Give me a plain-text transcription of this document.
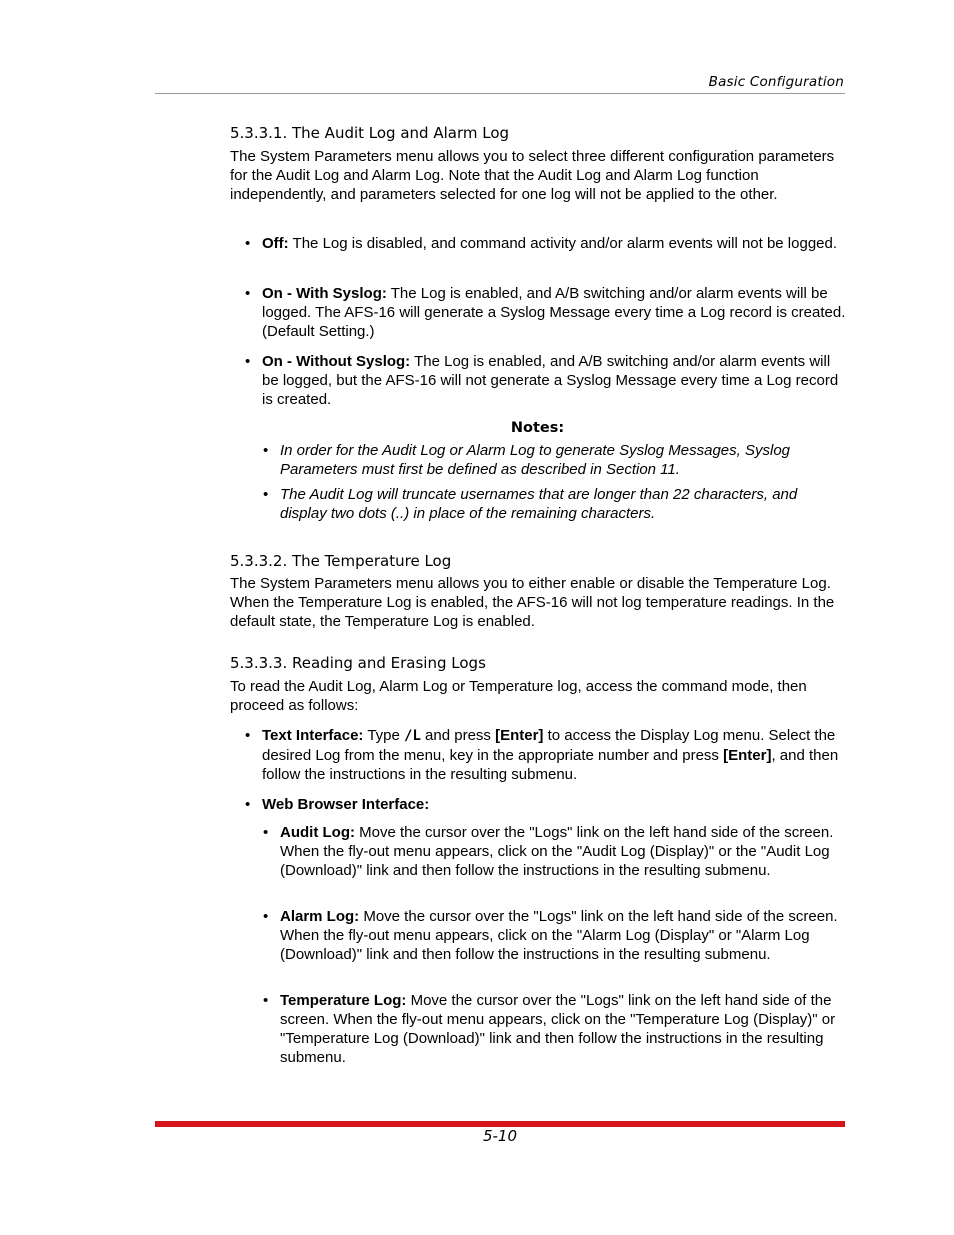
Basic Configuration
5.3.3.1. The Audit Log and Alarm Log
The System Parameters menu allows you to select three different configuration parameters for the Audit Log and Alarm Log. Note that the Audit Log and Alarm Log function independently, and parameters selected for one log will not be applied to the other.
• Off: The Log is disabled, and command activity and/or alarm events will not be logged.
• On - With Syslog: The Log is enabled, and A/B switching and/or alarm events will be logged. The AFS-16 will generate a Syslog Message every time a Log record is created. (Default Setting.)
• On - Without Syslog: The Log is enabled, and A/B switching and/or alarm events will be logged, but the AFS-16 will not generate a Syslog Message every time a Log record is created.
Notes:
• In order for the Audit Log or Alarm Log to generate Syslog Messages, Syslog Parameters must first be defined as described in Section 11.
• The Audit Log will truncate usernames that are longer than 22 characters, and display two dots (..) in place of the remaining characters.
5.3.3.2. The Temperature Log
The System Parameters menu allows you to either enable or disable the Temperature Log. When the Temperature Log is enabled, the AFS-16 will not log temperature readings. In the default state, the Temperature Log is enabled.
5.3.3.3. Reading and Erasing Logs
To read the Audit Log, Alarm Log or Temperature log, access the command mode, then proceed as follows:
• Text Interface: Type /L and press [Enter] to access the Display Log menu. Select the desired Log from the menu, key in the appropriate number and press [Enter], and then follow the instructions in the resulting submenu.
• Web Browser Interface:
• Audit Log: Move the cursor over the "Logs" link on the left hand side of the screen. When the fly-out menu appears, click on the "Audit Log (Display)" or the "Audit Log (Download)" link and then follow the instructions in the resulting submenu.
• Alarm Log: Move the cursor over the "Logs" link on the left hand side of the screen. When the fly-out menu appears, click on the "Alarm Log (Display" or "Alarm Log (Download)" link and then follow the instructions in the resulting submenu.
• Temperature Log: Move the cursor over the "Logs" link on the left hand side of the screen. When the fly-out menu appears, click on the "Temperature Log (Display)" or "Temperature Log (Download)" link and then follow the instructions in the resulting submenu.
5-10
